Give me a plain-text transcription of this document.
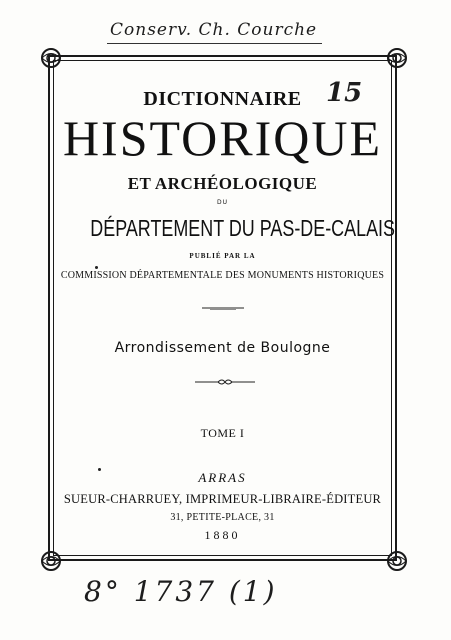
Conserv. Ch. Courche
15
8° 1737 (1)
DICTIONNAIRE
HISTORIQUE
ET ARCHÉOLOGIQUE
DU
DÉPARTEMENT DU PAS-DE-CALAIS
PUBLIÉ PAR LA
COMMISSION DÉPARTEMENTALE DES MONUMENTS HISTORIQUES
Arrondissement de Boulogne
TOME I
ARRAS
SUEUR-CHARRUEY, IMPRIMEUR-LIBRAIRE-ÉDITEUR
31, PETITE-PLACE, 31
1880
